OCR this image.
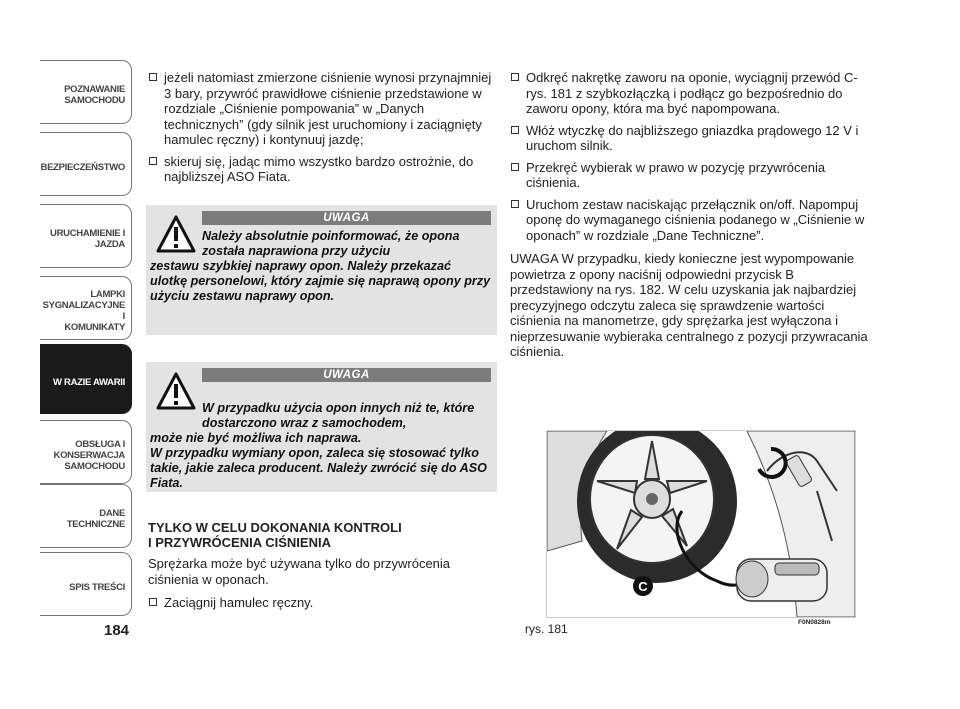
POZNAWANIE
SAMOCHODU
BEZPIECZEŃSTWO
URUCHAMIENIE I
JAZDA
LAMPKI
SYGNALIZACYJNE I
KOMUNIKATY
W RAZIE AWARII
OBSŁUGA I
KONSERWACJA
SAMOCHODU
DANE TECHNICZNE
SPIS TREŚCI
184
jeżeli natomiast zmierzone ciśnienie wynosi przynajmniej 3 bary, przywróć prawidłowe ciśnienie przedstawione w rozdziale „Ciśnienie pompowania” w „Danych technicznych” (gdy silnik jest uruchomiony i zaciągnięty hamulec ręczny) i kontynuuj jazdę;
skieruj się, jadąc mimo wszystko bardzo ostrożnie, do najbliższej ASO Fiata.
UWAGA
Należy absolutnie poinformować, że opona została naprawiona przy użyciu
zestawu szybkiej naprawy opon. Należy przekazać ulotkę personelowi, który zajmie się naprawą opony przy użyciu zestawu naprawy opon.
UWAGA

W przypadku użycia opon innych niż te, które dostarczono wraz z samochodem,
może nie być możliwa ich naprawa.
W przypadku wymiany opon, zaleca się stosować tylko takie, jakie zaleca producent. Należy zwrócić się do ASO Fiata.

TYLKO W CELU DOKONANIA KONTROLI
I PRZYWRÓCENIA CIŚNIENIA

Sprężarka może być używana tylko do przywrócenia ciśnienia w oponach.

Zaciągnij hamulec ręczny.
Odkręć nakrętkę zaworu na oponie, wyciągnij przewód C-rys. 181 z szybkozłączką i podłącz go bezpośrednio do zaworu opony, która ma być napompowana.
Włóż wtyczkę do najbliższego gniazdka prądowego 12 V i uruchom silnik.
Przekręć wybierak w prawo w pozycję przywrócenia ciśnienia.
Uruchom zestaw naciskając przełącznik on/off. Napompuj oponę do wymaganego ciśnienia podanego w „Ciśnienie w oponach” w rozdziale „Dane Techniczne”.

UWAGA W przypadku, kiedy konieczne jest wypompowanie powietrza z opony naciśnij odpowiedni przycisk B przedstawiony na rys. 182. W celu uzyskania jak najbardziej precyzyjnego odczytu zaleca się sprawdzenie wartości ciśnienia na manometrze, gdy sprężarka jest wyłączona i nieprzesuwanie wybieraka centralnego z pozycji przywracania ciśnienia.

C
rys. 181	F0N0828m
